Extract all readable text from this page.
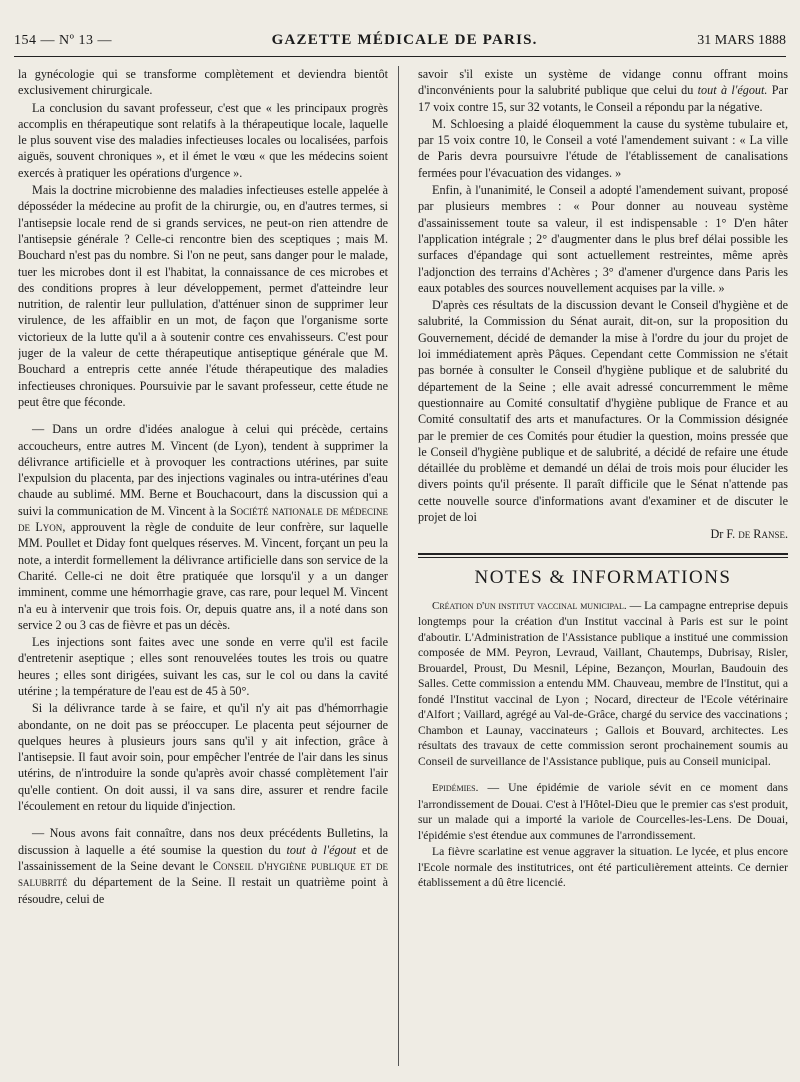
154 — Nº 13 —	GAZETTE MÉDICALE DE PARIS.	31 MARS 1888

la gynécologie qui se transforme complètement et deviendra bientôt exclusivement chirurgicale.

La conclusion du savant professeur, c'est que « les principaux progrès accomplis en thérapeutique sont relatifs à la thérapeutique locale, laquelle le plus souvent vise des maladies infectieuses locales ou localisées, parfois aiguës, souvent chroniques », et il émet le vœu « que les médecins soient exercés à pratiquer les opérations d'urgence ».

Mais la doctrine microbienne des maladies infectieuses estelle appelée à déposséder la médecine au profit de la chirurgie, ou, en d'autres termes, si l'antisepsie locale rend de si grands services, ne peut-on rien attendre de l'antisepsie générale ? Celle-ci rencontre bien des sceptiques ; mais M. Bouchard n'est pas du nombre. Si l'on ne peut, sans danger pour le malade, tuer les microbes dont il est l'habitat, la connaissance de ces microbes et des conditions propres à leur développement, permet d'atteindre leur nutrition, de ralentir leur pullulation, d'atténuer sinon de supprimer leur virulence, de les affaiblir en un mot, de façon que l'organisme sorte victorieux de la lutte qu'il a à soutenir contre ces envahisseurs. C'est pour juger de la valeur de cette thérapeutique antiseptique générale que M. Bouchard a entrepris cette année l'étude thérapeutique des maladies infectieuses chroniques. Poursuivie par le savant professeur, cette étude ne peut être que féconde.

— Dans un ordre d'idées analogue à celui qui précède, certains accoucheurs, entre autres M. Vincent (de Lyon), tendent à supprimer la délivrance artificielle et à provoquer les contractions utérines, par suite l'expulsion du placenta, par des injections vaginales ou intra-utérines d'eau chaude au sublimé. MM. Berne et Bouchacourt, dans la discussion qui a suivi la communication de M. Vincent à la Société nationale de médecine de Lyon, approuvent la règle de conduite de leur confrère, sur laquelle MM. Poullet et Diday font quelques réserves. M. Vincent, forçant un peu la note, a interdit formellement la délivrance artificielle dans son service de la Charité. Celle-ci ne doit être pratiquée que lorsqu'il y a un danger imminent, comme une hémorrhagie grave, cas rare, pour lequel M. Vincent n'a eu à intervenir que trois fois. Or, depuis quatre ans, il a noté dans son service 2 ou 3 cas de fièvre et pas un décès.

Les injections sont faites avec une sonde en verre qu'il est facile d'entretenir aseptique ; elles sont renouvelées toutes les trois ou quatre heures ; elles sont dirigées, suivant les cas, sur le col ou dans la cavité utérine ; la température de l'eau est de 45 à 50°.

Si la délivrance tarde à se faire, et qu'il n'y ait pas d'hémorrhagie abondante, on ne doit pas se préoccuper. Le placenta peut séjourner de quelques heures à plusieurs jours sans qu'il y ait infection, grâce à l'antisepsie. Il faut avoir soin, pour empêcher l'entrée de l'air dans les sinus utérins, de n'introduire la sonde qu'après avoir chassé complètement l'air qu'elle contient. On doit aussi, il va sans dire, assurer et rendre facile l'écoulement en retour du liquide d'injection.

— Nous avons fait connaître, dans nos deux précédents Bulletins, la discussion à laquelle a été soumise la question du tout à l'égout et de l'assainissement de la Seine devant le Conseil d'hygiène publique et de salubrité du département de la Seine. Il restait un quatrième point à résoudre, celui de

savoir s'il existe un système de vidange connu offrant moins d'inconvénients pour la salubrité publique que celui du tout à l'égout. Par 17 voix contre 15, sur 32 votants, le Conseil a répondu par la négative.

M. Schloesing a plaidé éloquemment la cause du système tubulaire et, par 15 voix contre 10, le Conseil a voté l'amendement suivant : « La ville de Paris devra poursuivre l'étude de l'établissement de canalisations fermées pour l'évacuation des vidanges. »

Enfin, à l'unanimité, le Conseil a adopté l'amendement suivant, proposé par plusieurs membres : « Pour donner au nouveau système d'assainissement toute sa valeur, il est indispensable : 1° D'en hâter l'application intégrale ; 2° d'augmenter dans le plus bref délai possible les surfaces d'épandage qui sont actuellement restreintes, même après l'adjonction des terrains d'Achères ; 3° d'amener d'urgence dans Paris les eaux potables des sources nouvellement acquises par la ville. »

D'après ces résultats de la discussion devant le Conseil d'hygiène et de salubrité, la Commission du Sénat aurait, dit-on, sur la proposition du Gouvernement, décidé de demander la mise à l'ordre du jour du projet de loi immédiatement après Pâques. Cependant cette Commission ne s'était pas bornée à consulter le Conseil d'hygiène publique et de salubrité du département de la Seine ; elle avait adressé concurremment le même questionnaire au Comité consultatif d'hygiène publique de France et au Comité consultatif des arts et manufactures. Or la Commission désignée par le premier de ces Comités pour étudier la question, moins pressée que le Conseil d'hygiène publique et de salubrité, a décidé de refaire une étude détaillée du problème et demandé un délai de trois mois pour élucider les divers points qu'il présente. Il paraît difficile que le Sénat n'attende pas cette nouvelle source d'informations avant d'examiner et de discuter le projet de loi

Dr F. de Ranse.

NOTES & INFORMATIONS

Création d'un institut vaccinal municipal. — La campagne entreprise depuis longtemps pour la création d'un Institut vaccinal à Paris est sur le point d'aboutir. L'Administration de l'Assistance publique a institué une commission composée de MM. Peyron, Levraud, Vaillant, Chautemps, Dubrisay, Risler, Brouardel, Proust, Du Mesnil, Lépine, Bezançon, Mourlan, Baudouin des Salles. Cette commission a entendu MM. Chauveau, membre de l'Institut, qui a fondé l'Institut vaccinal de Lyon ; Nocard, directeur de l'Ecole vétérinaire d'Alfort ; Vaillard, agrégé au Val-de-Grâce, chargé du service des vaccinations ; Chambon et Launay, vaccinateurs ; Gallois et Bouvard, architectes. Les résultats des travaux de cette commission seront prochainement soumis au Conseil de surveillance de l'Assistance publique, puis au Conseil municipal.

Epidémies. — Une épidémie de variole sévit en ce moment dans l'arrondissement de Douai. C'est à l'Hôtel-Dieu que le premier cas s'est produit, sur un malade qui a importé la variole de Courcelles-les-Lens. De Douai, l'épidémie s'est étendue aux communes de l'arrondissement.

La fièvre scarlatine est venue aggraver la situation. Le lycée, et plus encore l'Ecole normale des institutrices, ont été particulièrement atteints. Ce dernier établissement a dû être licencié.
